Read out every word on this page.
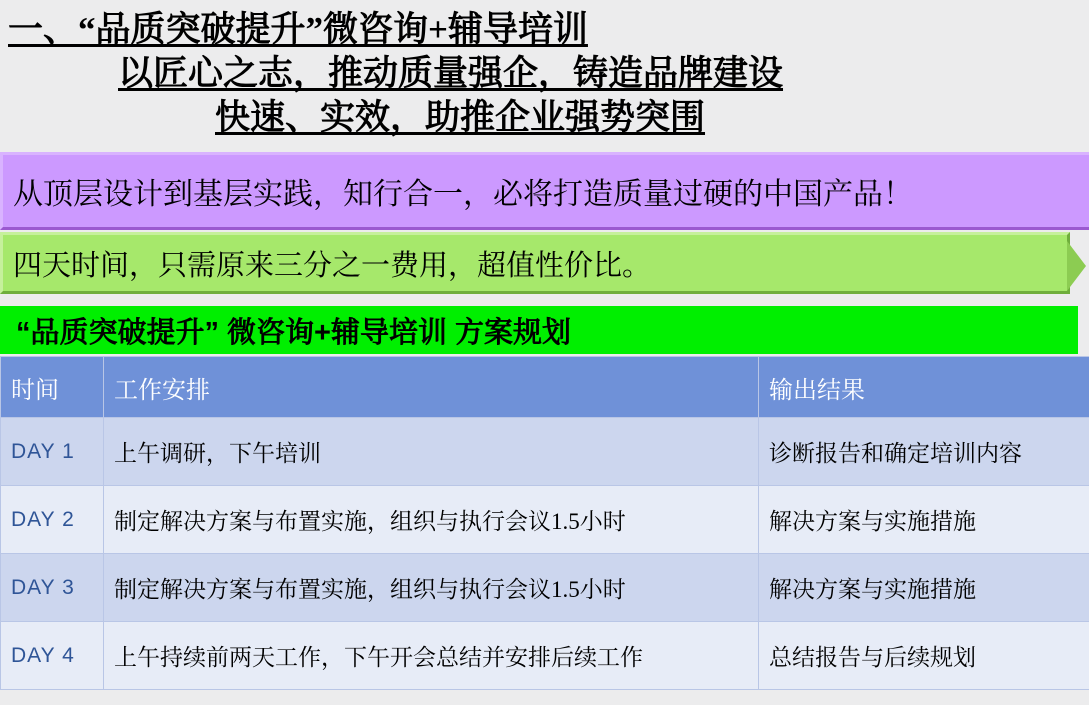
一、“品质突破提升”微咨询+辅导培训
以匠心之志，推动质量强企，铸造品牌建设
快速、实效，助推企业强势突围
从顶层设计到基层实践，知行合一，必将打造质量过硬的中国产品！
四天时间，只需原来三分之一费用，超值性价比。
“品质突破提升” 微咨询+辅导培训 方案规划
时间	工作安排	输出结果
DAY 1	上午调研，下午培训	诊断报告和确定培训内容
DAY 2	制定解决方案与布置实施，组织与执行会议1.5小时	解决方案与实施措施
DAY 3	制定解决方案与布置实施，组织与执行会议1.5小时	解决方案与实施措施
DAY 4	上午持续前两天工作，下午开会总结并安排后续工作	总结报告与后续规划
